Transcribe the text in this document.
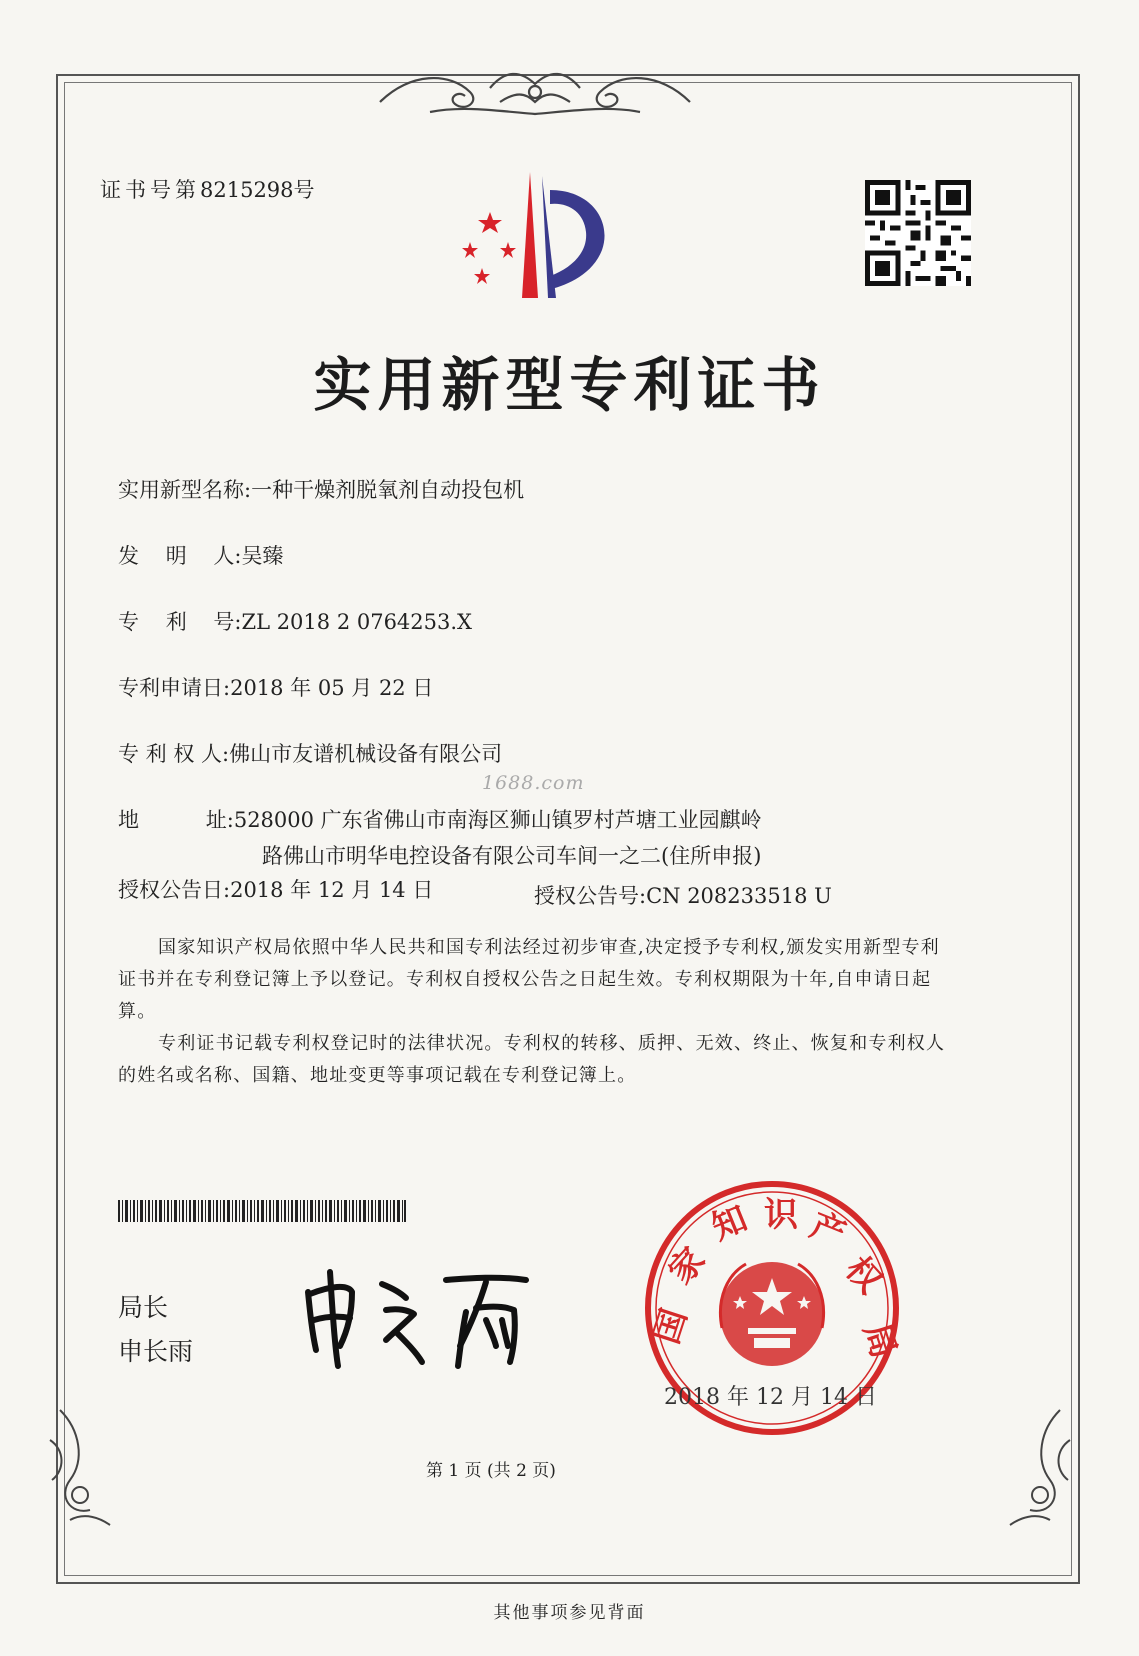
证书号第8215298号
实用新型专利证书
实用新型名称:一种干燥剂脱氧剂自动投包机
发    明    人:吴臻
专    利    号:ZL 2018 2 0764253.X
专利申请日:2018 年 05 月 22 日
专 利 权 人:佛山市友谱机械设备有限公司
1688.com
地          址:528000 广东省佛山市南海区狮山镇罗村芦塘工业园麒岭
路佛山市明华电控设备有限公司车间一之二(住所申报)
授权公告日:2018 年 12 月 14 日	授权公告号:CN 208233518 U
国家知识产权局依照中华人民共和国专利法经过初步审查,决定授予专利权,颁发实用新型专利证书并在专利登记簿上予以登记。专利权自授权公告之日起生效。专利权期限为十年,自申请日起算。
专利证书记载专利权登记时的法律状况。专利权的转移、质押、无效、终止、恢复和专利权人的姓名或名称、国籍、地址变更等事项记载在专利登记簿上。
局长
申长雨
国
家
知 识 产
权
局
2018 年 12 月 14 日
第 1 页 (共 2 页)
其他事项参见背面
